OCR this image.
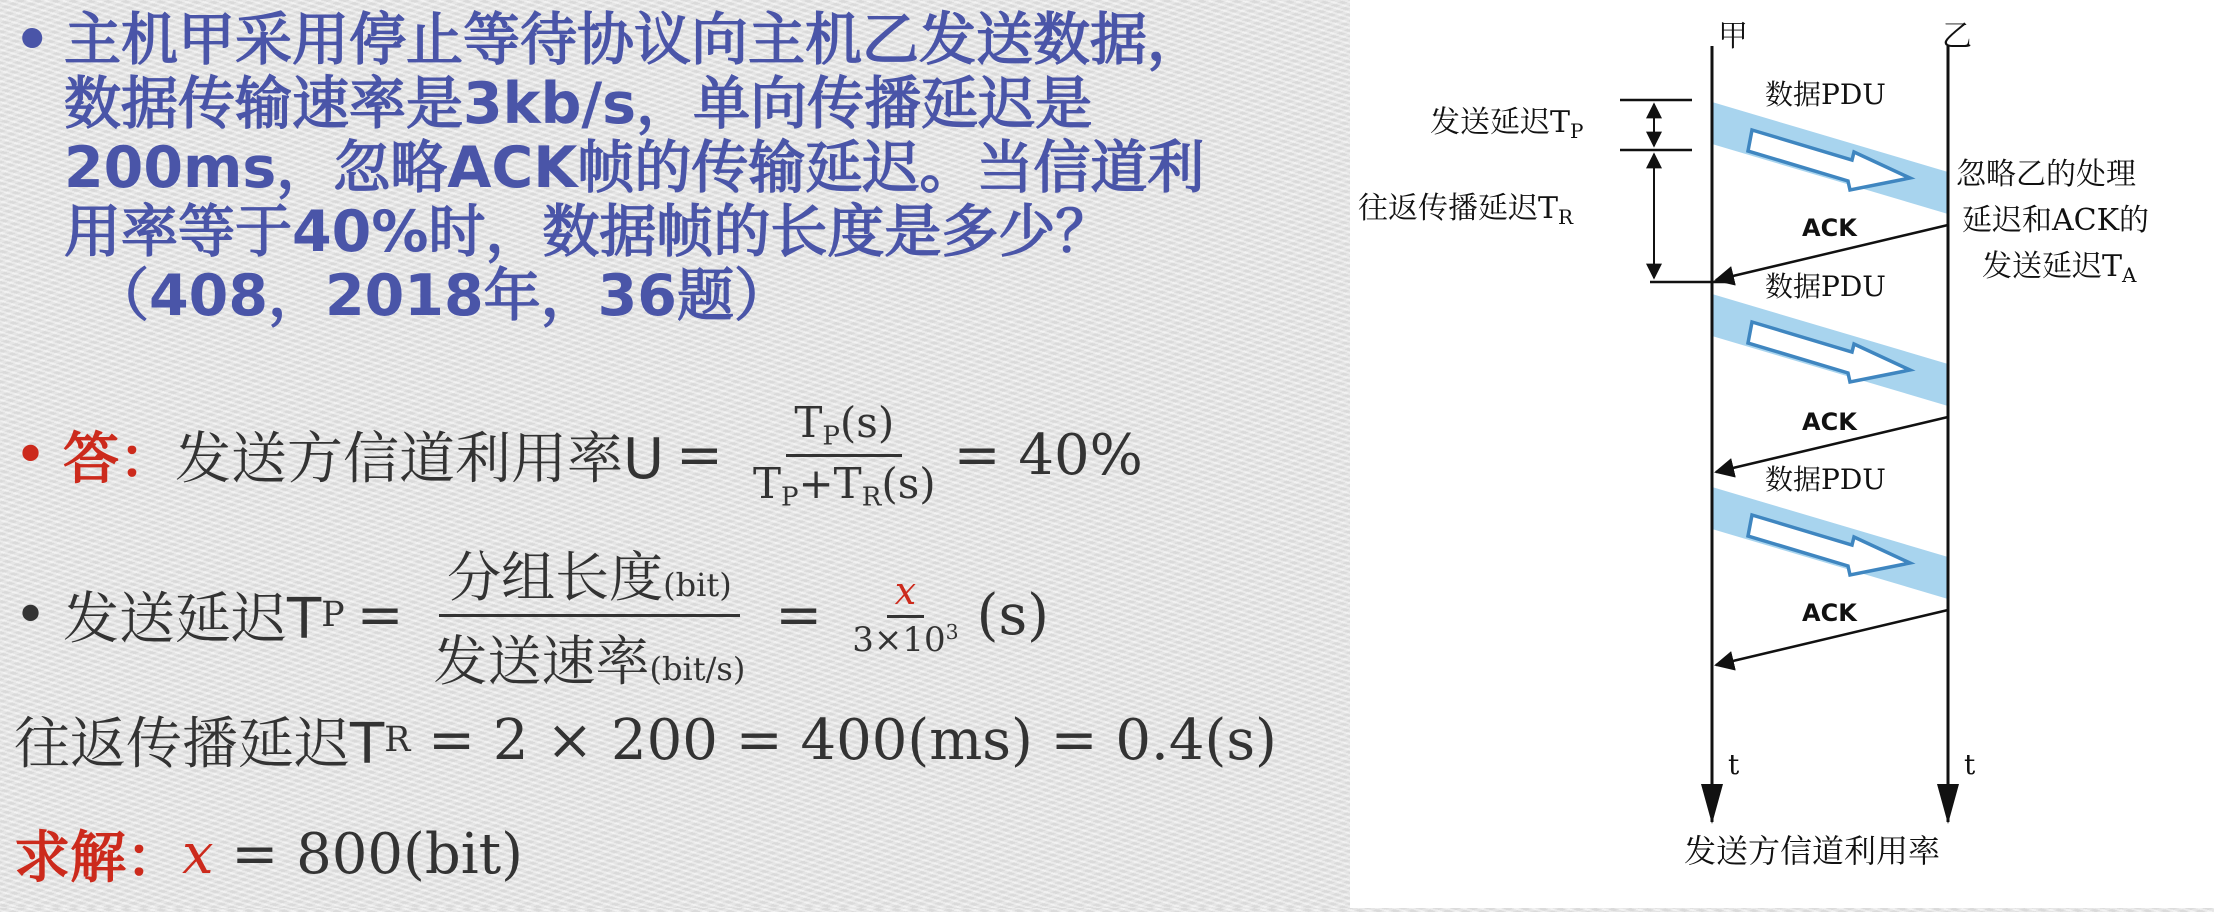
• 主机甲采用停止等待协议向主机乙发送数据，
数据传输速率是3kb/s，单向传播延迟是
200ms，忽略ACK帧的传输延迟。当信道利
用率等于40%时，数据帧的长度是多少？
（408，2018年，36题）
• 答： 发送方信道利用率$U = \frac{T_P(s)}{T_P+T_R(s)} = 40\%$
• 发送延迟T $P = \frac{\text{分组长度(bit)}}{\text{发送速率(bit/s)}} = \frac{x}{3\times 10^3} (s)$
往返传播延迟T R = 2 × 200 = 400(ms) = 0.4(s)
求解： x = 800(bit)
甲	乙
发送延迟$T_P$
往返传播延迟$T_R$
数据PDU
数据PDU
数据PDU
ACK
ACK
ACK
忽略乙的处理
延迟和ACK的
发送延迟$T_A$
t	t
发送方信道利用率
